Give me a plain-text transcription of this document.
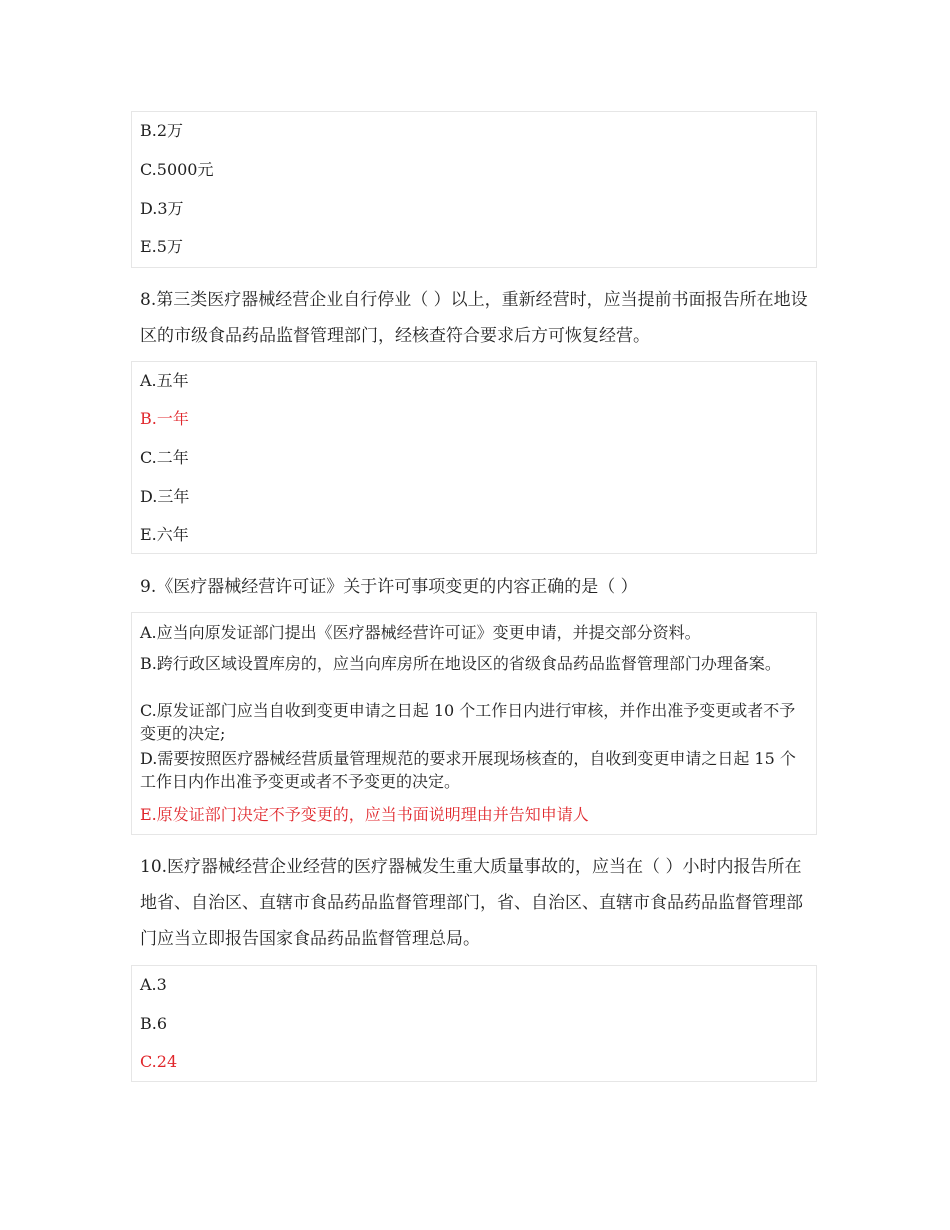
B.2万
C.5000元
D.3万
E.5万
8.第三类医疗器械经营企业自行停业（ ）以上，重新经营时，应当提前书面报告所在地设区的市级食品药品监督管理部门，经核查符合要求后方可恢复经营。
A.五年
B.一年
C.二年
D.三年
E.六年
9.《医疗器械经营许可证》关于许可事项变更的内容正确的是（ ）
A.应当向原发证部门提出《医疗器械经营许可证》变更申请，并提交部分资料。
B.跨行政区域设置库房的，应当向库房所在地设区的省级食品药品监督管理部门办理备案。
C.原发证部门应当自收到变更申请之日起 10 个工作日内进行审核，并作出准予变更或者不予变更的决定;
D.需要按照医疗器械经营质量管理规范的要求开展现场核查的，自收到变更申请之日起 15 个工作日内作出准予变更或者不予变更的决定。
E.原发证部门决定不予变更的，应当书面说明理由并告知申请人
10.医疗器械经营企业经营的医疗器械发生重大质量事故的，应当在（ ）小时内报告所在地省、自治区、直辖市食品药品监督管理部门，省、自治区、直辖市食品药品监督管理部门应当立即报告国家食品药品监督管理总局。
A.3
B.6
C.24
